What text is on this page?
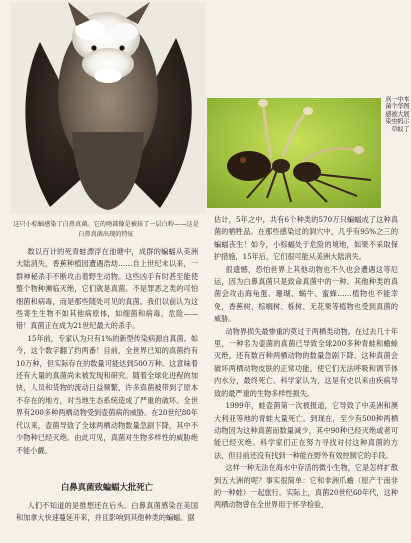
这只小棕蝠感染了白鼻真菌。它的吻部像是被抹了一层白粉——这是白鼻真菌出现的特征
本图展示了
中华大蚂蚁
一个被虫草
真菌感染

数以百计的死青蛙漂浮在池塘中，成群的蝙蝠从美洲大陆消失，香蕉种植园遭遇浩劫……自上世纪末以来，一群神秘杀手不断攻击着野生动物。这些凶手有时甚至能使整个物种濒临灭绝，它们就是真菌。不是罪恶之类的可怕细菌和病毒，而是那些随处可见的真菌。我们以前认为这些寄生生物不如其他病原体，如细菌和病毒，危险——错！真菌正在成为21世纪最大的杀手。

15年前，专家认为只有1%的新型传染病源自真菌。如今，这个数字翻了约两番！目前，全世界已知的真菌约有10万种，但实际存在的数量可能达到500万种。这意味着还有大量的真菌尚未被发现和研究。随着全球化进程的加快，人员和货物的流动日益频繁，许多真菌被带到了原本不存在的地方，对当地生态系统造成了严重的破坏。全世界有200多种两栖动物受到壶菌病的威胁。在20世纪80年代以来，壶菌导致了全球两栖动物数量急剧下降，其中不少物种已经灭绝。由此可见，真菌对生物多样性的威胁绝不能小觑。

白鼻真菌致蝙蝠大批死亡

人们不知道的是推想还在后头。白鼻真菌感染在美国和加拿大快速蔓延开来，并且影响到其他种类的蝙蝠。据

估计，5年之中，共有6个种类的570万只蝙蝠成了这种真菌的牺牲品。在那些感染过的洞穴中，几乎有95%之三的蝙蝠丧生！如今，小棕蝠处于危险的境地，如果不采取保护措施，15年后，它们很可能从美洲大陆消失。

很遗憾，恐怕世界上其他动物也不久也会遭遇这等厄运，因为白鼻真菌只是致命真菌中的一种。其他种类的真菌会攻击海龟蛋、珊瑚、蜗牛、蜜蜂……植物也不能幸免，香蕉树、棕榈树、栎树、无花果等植物也受到真菌的威胁。

动物界损失最惨重的莫过于两栖类动物。在过去几十年里，一种名为壶菌的真菌已导致全球200多种青蛙和蟾蜍灭绝，还有数百种两栖动物的数量急剧下降。这种真菌会破坏两栖动物皮肤的正常功能，使它们无法呼吸和调节体内水分，最终死亡。科学家认为，这是有史以来由疾病导致的最严重的生物多样性损失。

1999年，蛙壶菌第一次被报道，它导致了中美洲和澳大利亚等地的青蛙大量死亡。到现在，至少有500种两栖动物因为这种真菌而数量减少，其中90种已经灭绝或者可能已经灭绝。科学家们正在努力寻找对付这种真菌的方法，但目前还没有找到一种能在野外有效控制它的手段。

这样一种无法在海水中存活的微小生物，它是怎样扩散到五大洲的呢？事实很简单：它和非洲爪蟾（原产于南非的一种蛙）一起旅行。实际上，真菌20世纪60年代，这种两栖动物曾在全世界用于怀孕检验，
